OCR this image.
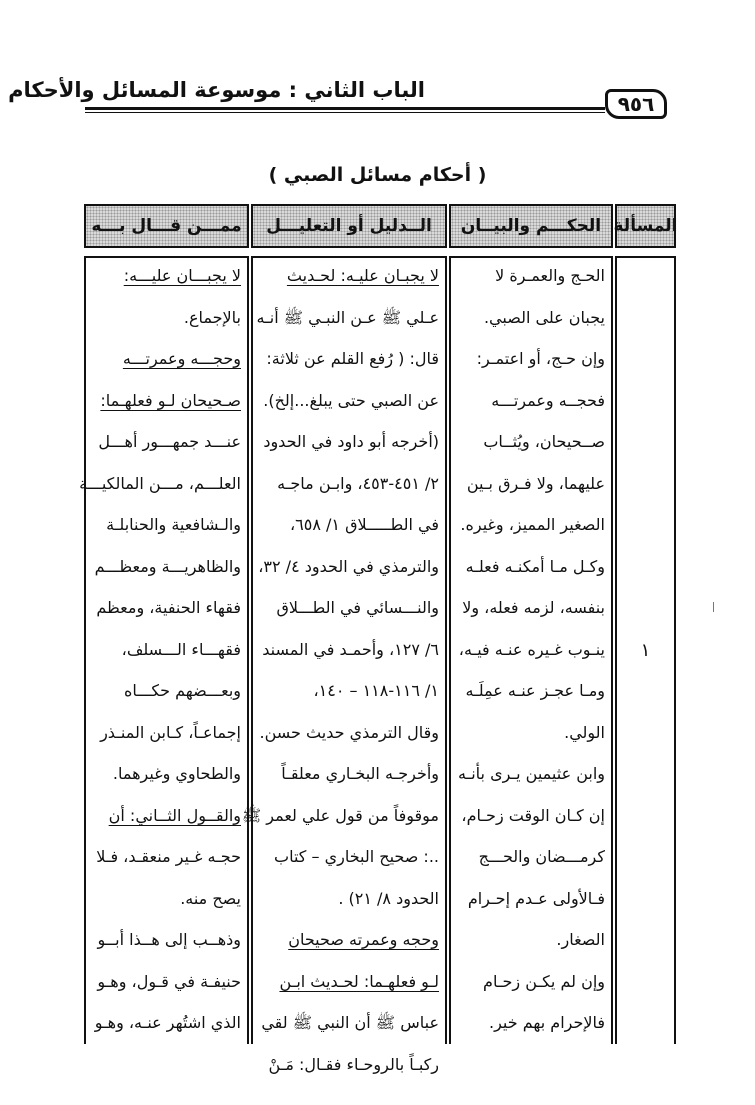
الباب الثاني : موسوعة المسائل والأحكام
٩٥٦
( أحكام مسائل الصبي )
ممـــن قـــال بـــه	الــدليل أو التعليـــل	الحكـــم والبيــان المسألة
لا يجبـــان عليـــه:
بالإجماع.
وحجـــه وعمرتـــه
صـحيحان لـو فعلهـما:
عنـــد جمهـــور أهـــل
العلـــم، مـــن المالكيـــة
والـشافعية والحنابلـة
والظاهريـــة ومعظـــم
فقهاء الحنفية، ومعظم
فقهـــاء الـــسلف،
وبعـــضهم حكـــاه
إجماعـاً، كـابن المنـذر
والطحاوي وغيرهما.
والقــول الثــاني: أن
حجـه غـير منعقـد، فـلا
يصح منه.
وذهــب إلى هــذا أبــو
حنيفـة في قـول، وهـو
الذي اشتُهر عنـه، وهـو
لا يجبـان عليـه: لحـديث
عـلي ﷺ عـن النبـي ﷺ أنـه
قال: ( رُفع القلم عن ثلاثة:
عن الصبي حتى يبلغ...إلخ).
(أخرجه أبو داود في الحدود
٢/ ٤٥١-٤٥٣، وابـن ماجـه
في الطـــــلاق ١/ ٦٥٨،
والترمذي في الحدود ٤/ ٣٢،
والنـــسائي في الطـــلاق
٦/ ١٢٧، وأحمـد في المسند
١/ ١١٦-١١٨ – ١٤٠،
وقال الترمذي حديث حسن.
وأخرجـه البخـاري معلقـاً
موقوفاً من قول علي لعمر ﷺ
..: صحيح البخاري – كتاب
الحدود ٨/ ٢١) .
وحجه وعمرته صحيحان
لـو فعلهـما: لحـديث ابـن
عباس ﷺ أن النبي ﷺ لقي
ركبـاً بالروحـاء فقـال: مَـنْ
الحـج والعمـرة لا
يجبان على الصبي.
وإن حـج، أو اعتمـر:
فحجــه وعمرتـــه
صــحيحان، ويُثــاب
عليهما، ولا فـرق بـين
الصغير المميز، وغيره.
وكـل مـا أمكنـه فعلـه
بنفسه، لزمه فعله، ولا
ينـوب غـيره عنـه فيـه،
ومـا عجـز عنـه عمِلَـه
الولي.
وابن عثيمين يـرى بأنـه
إن كـان الوقت زحـام،
كرمـــضان والحـــج
فـالأولى عـدم إحـرام
الصغار.
وإن لم يكـن زحـام
فالإحرام بهم خير.
١
